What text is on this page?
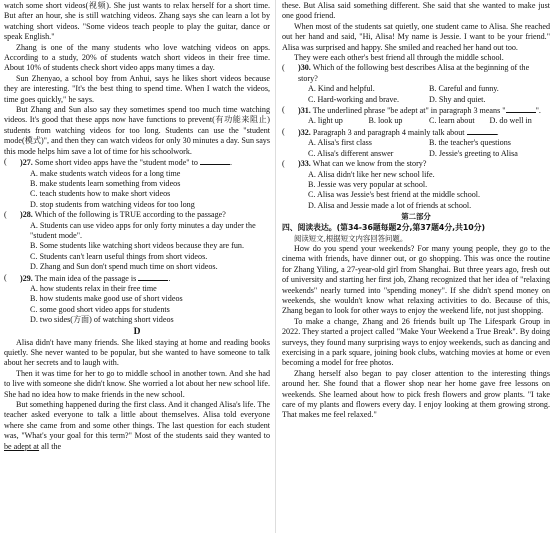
watch some short videos(视频). She just wants to relax herself for a short time. But after an hour, she is still watching videos. Zhang says she can learn a lot by watching short videos. "Some videos teach people to play the guitar, dance or speak English."

Zhang is one of the many students who love watching videos on apps. According to a study, 20% of students watch short videos in their free time. About 10% of students check short video apps many times a day.

Sun Zhenyao, a school boy from Anhui, says he likes short videos because they are interesting. "It's the best thing to spend time. When I watch the videos, time goes quickly," he says.

But Zhang and Sun also say they sometimes spend too much time watching videos. It's good that these apps now have functions to prevent(有功能来阻止) students from watching videos for too long. Students can use the "student mode(模式)", and then they can watch videos for only 30 minutes a day. Sun says this mode helps him save a lot of time for his schoolwork.

(	)27. Some short video apps have the "student mode" to	.
A. make students watch videos for a long time
B. make students learn something from videos
C. teach students how to make short videos
D. stop students from watching videos for too long
(	)28. Which of the following is TRUE according to the passage?
A. Students can use video apps for only forty minutes a day under the "student mode".
B. Some students like watching short videos because they are fun.
C. Students can't learn useful things from short videos.
D. Zhang and Sun don't spend much time on short videos.
(	)29. The main idea of the passage is	.
A. how students relax in their free time
B. how students make good use of short videos
C. some good short video apps for students
D. two sides(方面) of watching short videos
D

Alisa didn't have many friends. She liked staying at home and reading books quietly. She never wanted to be popular, but she wanted to have someone to talk about her secrets and to laugh with.

Then it was time for her to go to middle school in another town. And she had to live with someone she didn't know. She worried a lot about her new school life. She had no idea how to make friends in the new school.

But something happened during the first class. And it changed Alisa's life. The teacher asked everyone to talk a little about themselves. Alisa told everyone where she came from and some other things. The last question for each student was, "What's your goal for this term?" Most of the students said they wanted to be adept at all the

these. But Alisa said something different. She said that she wanted to make just one good friend.

When most of the students sat quietly, one student came to Alisa. She reached out her hand and said, "Hi, Alisa! My name is Jessie. I want to be your friend." Alisa was surprised and happy. She smiled and reached her hand out too.

They were each other's best friend all through the middle school.

(	)30. Which of the following best describes Alisa at the beginning of the story?
A. Kind and helpful.	B. Careful and funny.
C. Hard-working and brave.	D. Shy and quiet.
(	)31. The underlined phrase "be adept at" in paragraph 3 means "	".
A. light up	B. look up	C. learn about	D. do well in
(	)32. Paragraph 3 and paragraph 4 mainly talk about	.
A. Alisa's first class	B. the teacher's questions
C. Alisa's different answer	D. Jessie's greeting to Alisa
(	)33. What can we know from the story?
A. Alisa didn't like her new school life.
B. Jessie was very popular at school.
C. Alisa was Jessie's best friend at the middle school.
D. Alisa and Jessie made a lot of friends at school.
第二部分
四、阅读表达。(第34-36题每题2分,第37题4分,共10分)

阅读短文,根据短文内容回答问题。

How do you spend your weekends? For many young people, they go to the cinema with friends, have dinner out, or go shopping. This was once the routine for Zhang Yiling, a 27-year-old girl from Shanghai. But three years ago, fresh out of university and starting her first job, Zhang recognized that her idea of "relaxing weekends" nearly turned into "spending money". If she didn't spend money on weekends, she wouldn't know what relaxing activities to do. Because of this, Zhang began to look for other ways to enjoy the weekend life, not just shopping.

To make a change, Zhang and 26 friends built up The Lifespark Group in 2022. They started a project called "Make Your Weekend a True Break". By doing surveys, they found many surprising ways to enjoy weekends, such as dancing and exercising in a park square, joining book clubs, watching movies at home or even becoming a model for free photos.

Zhang herself also began to pay closer attention to the interesting things around her. She found that a flower shop near her home gave free lessons on weekends. She learned about how to pick fresh flowers and grow plants. "I take care of my plants and flowers every day. I enjoy looking at them growing strong. That makes me feel relaxed."
